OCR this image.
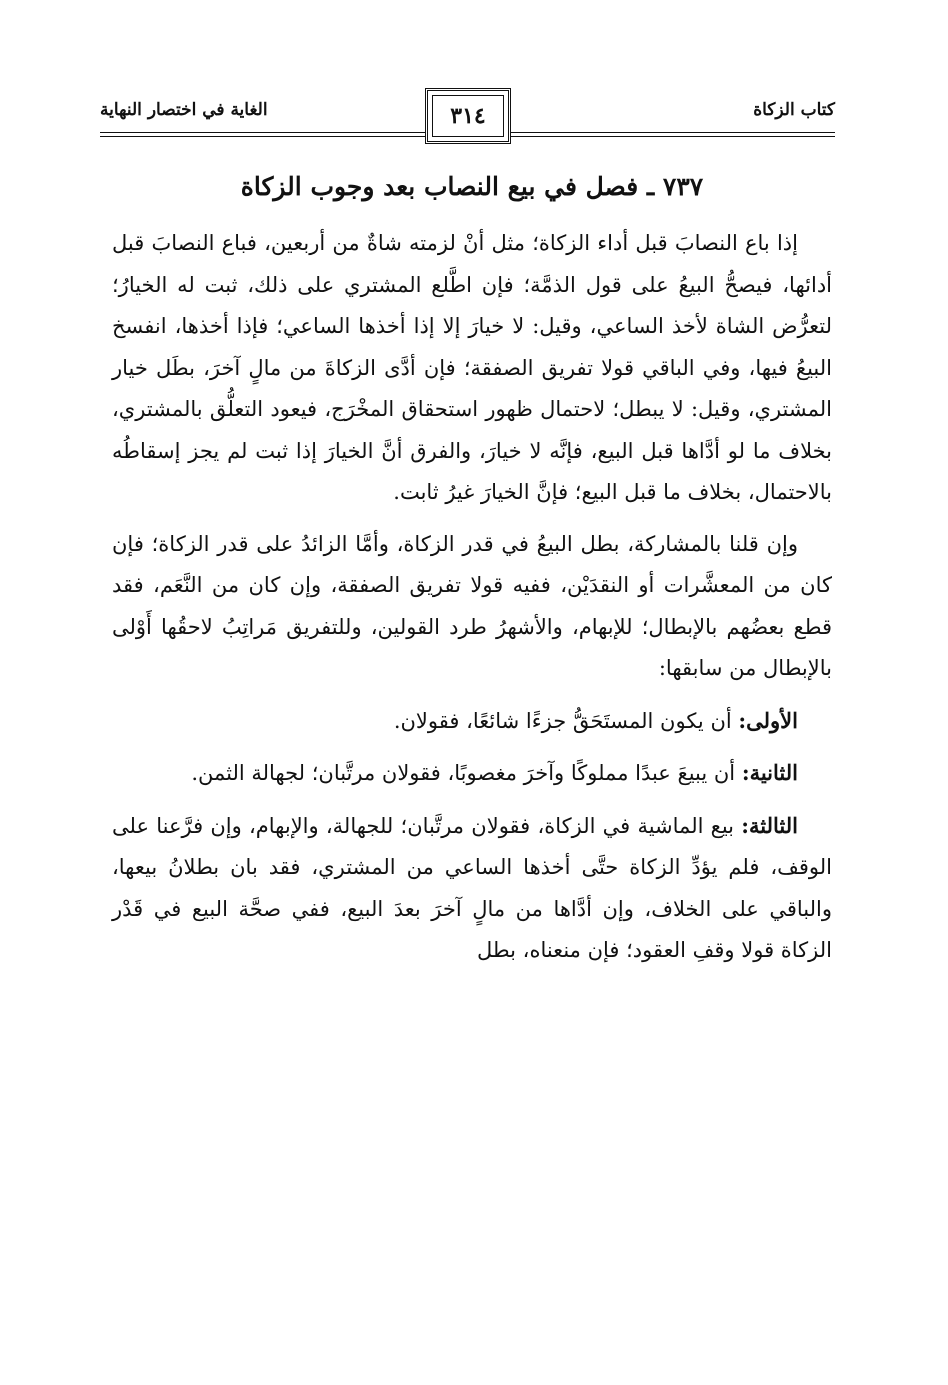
كتاب الزكاة
الغاية في اختصار النهاية	٣١٤
٧٣٧ ـ فصل في بيع النصاب بعد وجوب الزكاة

إذا باع النصابَ قبل أداء الزكاة؛ مثل أنْ لزمته شاةٌ من أربعين، فباع النصابَ قبل أدائها، فيصحُّ البيعُ على قول الذمَّة؛ فإن اطَّلع المشتري على ذلك، ثبت له الخيارُ؛ لتعرُّض الشاة لأخذ الساعي، وقيل: لا خيارَ إلا إذا أخذها الساعي؛ فإذا أخذها، انفسخ البيعُ فيها، وفي الباقي قولا تفريق الصفقة؛ فإن أدَّى الزكاةَ من مالٍ آخرَ، بطَل خيار المشتري، وقيل: لا يبطل؛ لاحتمال ظهور استحقاق المخْرَج، فيعود التعلُّق بالمشتري، بخلاف ما لو أدَّاها قبل البيع، فإنَّه لا خيارَ، والفرق أنَّ الخيارَ إذا ثبت لم يجز إسقاطُه بالاحتمال، بخلاف ما قبل البيع؛ فإنَّ الخيارَ غيرُ ثابت.

وإن قلنا بالمشاركة، بطل البيعُ في قدر الزكاة، وأمَّا الزائدُ على قدر الزكاة؛ فإن كان من المعشَّرات أو النقدَيْن، ففيه قولا تفريق الصفقة، وإن كان من النَّعَم، فقد قطع بعضُهم بالإبطال؛ للإبهام، والأشهرُ طرد القولين، وللتفريق مَراتِبُ لاحقُها أَوْلى بالإبطال من سابقها:

الأولى: أن يكون المستَحَقُّ جزءًا شائعًا، فقولان.

الثانية: أن يبيعَ عبدًا مملوكًا وآخرَ مغصوبًا، فقولان مرتَّبان؛ لجهالة الثمن.

الثالثة: بيع الماشية في الزكاة، فقولان مرتَّبان؛ للجهالة، والإبهام، وإن فرَّعنا على الوقف، فلم يؤدِّ الزكاة حتَّى أخذها الساعي من المشتري، فقد بان بطلانُ بيعها، والباقي على الخلاف، وإن أدَّاها من مالٍ آخرَ بعدَ البيع، ففي صحَّة البيع في قَدْر الزكاة قولا وقفِ العقود؛ فإن منعناه، بطل
